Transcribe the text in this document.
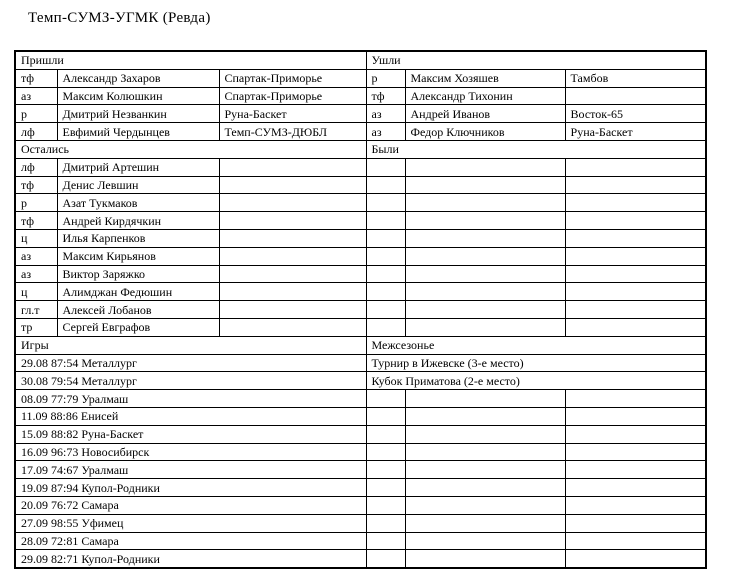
Темп-СУМЗ-УГМК (Ревда)
Пришли			Ушли		
тф	Александр Захаров	Спартак-Приморье	р	Максим Хозяшев	Тамбов
аз	Максим Колюшкин	Спартак-Приморье	тф	Александр Тихонин	
р	Дмитрий Незванкин	Руна-Баскет	аз	Андрей Иванов	Восток-65
лф	Евфимий Чердынцев	Темп-СУМЗ-ДЮБЛ	аз	Федор Ключников	Руна-Баскет
Остались			Были		
лф	Дмитрий Артешин				
тф	Денис Левшин				
р	Азат Тукмаков				
тф	Андрей Кирдячкин				
ц	Илья Карпенков				
аз	Максим Кирьянов				
аз	Виктор Заряжко				
ц	Алимджан Федюшин				
гл.т	Алексей Лобанов				
тр	Сергей Евграфов				
Игры			Межсезонье		
29.08 87:54 Металлург			Турнир в Ижевске (3-е место)		
30.08 79:54 Металлург			Кубок Приматова (2-е место)		
08.09 77:79 Уралмаш					
11.09 88:86 Енисей					
15.09 88:82 Руна-Баскет					
16.09 96:73 Новосибирск					
17.09 74:67 Уралмаш					
19.09 87:94 Купол-Родники					
20.09 76:72 Самара					
27.09 98:55 Уфимец					
28.09 72:81 Самара					
29.09 82:71 Купол-Родники					
